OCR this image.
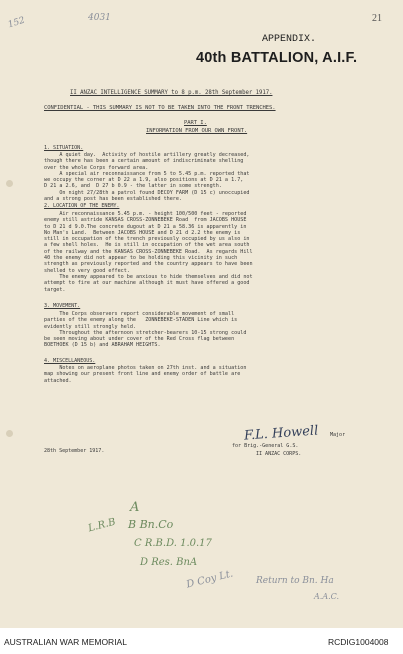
152	4031	21
APPENDIX.
40th BATTALION, A.I.F.
II ANZAC INTELLIGENCE SUMMARY to 8 p.m. 28th September 1917.
CONFIDENTIAL - THIS SUMMARY IS NOT TO BE TAKEN INTO THE FRONT TRENCHES.
PART I.
INFORMATION FROM OUR OWN FRONT.
1. SITUATION.
A quiet day.  Activity of hostile artillery greatly decreased,
though there has been a certain amount of indiscriminate shelling
over the whole Corps forward area.
A special air reconnaissance from 5 to 5.45 p.m. reported that
we occupy the corner at D 22 a 1.9, also positions at D 21 a 1.7,
D 21 a 2.6, and  D 27 b 0.9 - the latter in some strength.
On night 27/28th a patrol found DECOY FARM (D 15 c) unoccupied
and a strong post has been established there.
2. LOCATION OF THE ENEMY.
Air reconnaissance 5.45 p.m. - height 100/500 feet - reported
enemy still astride KANSAS CROSS-ZONNEBEKE Road  from JACOBS HOUSE
to D 21 d 9.0.The concrete dugout at D 21 a 58.36 is apparently in
No Man's Land.  Between JACOBS HOUSE and D 21 d 2.2 the enemy is
still in occupation of the trench previously occupied by us also in
a few shell holes.  He is still in occupation of the wet area south
of the railway and the KANSAS CROSS-ZONNEBEKE Road.  As regards Hill
40 the enemy did not appear to be holding this vicinity in such
strength as previously reported and the country appears to have been
shelled to very good effect.
The enemy appeared to be anxious to hide themselves and did not
attempt to fire at our machine although it must have offered a good
target.
3. MOVEMENT.
The Corps observers report considerable movement of small
parties of the enemy along the   ZONNEBEKE-STADEN Line which is
evidently still strongly held.
Throughout the afternoon stretcher-bearers 10-15 strong could
be seen moving about under cover of the Red Cross flag between
BOETHOEK (D 15 b) and ABRAHAM HEIGHTS.
4. MISCELLANEOUS.
Notes on aeroplane photos taken on 27th inst. and a situation
map showing our present front line and enemy order of battle are
attached.
F.L. Howell Major
for Brig.-General G.S.
II ANZAC CORPS.
28th September 1917.
L.R.B
A
B Bn.Co
C R.B.D. 1.0.17
D Res. BnA
D Coy Lt. Return to Bn. Ha
A.A.C.
AUSTRALIAN WAR MEMORIAL	RCDIG1004008
